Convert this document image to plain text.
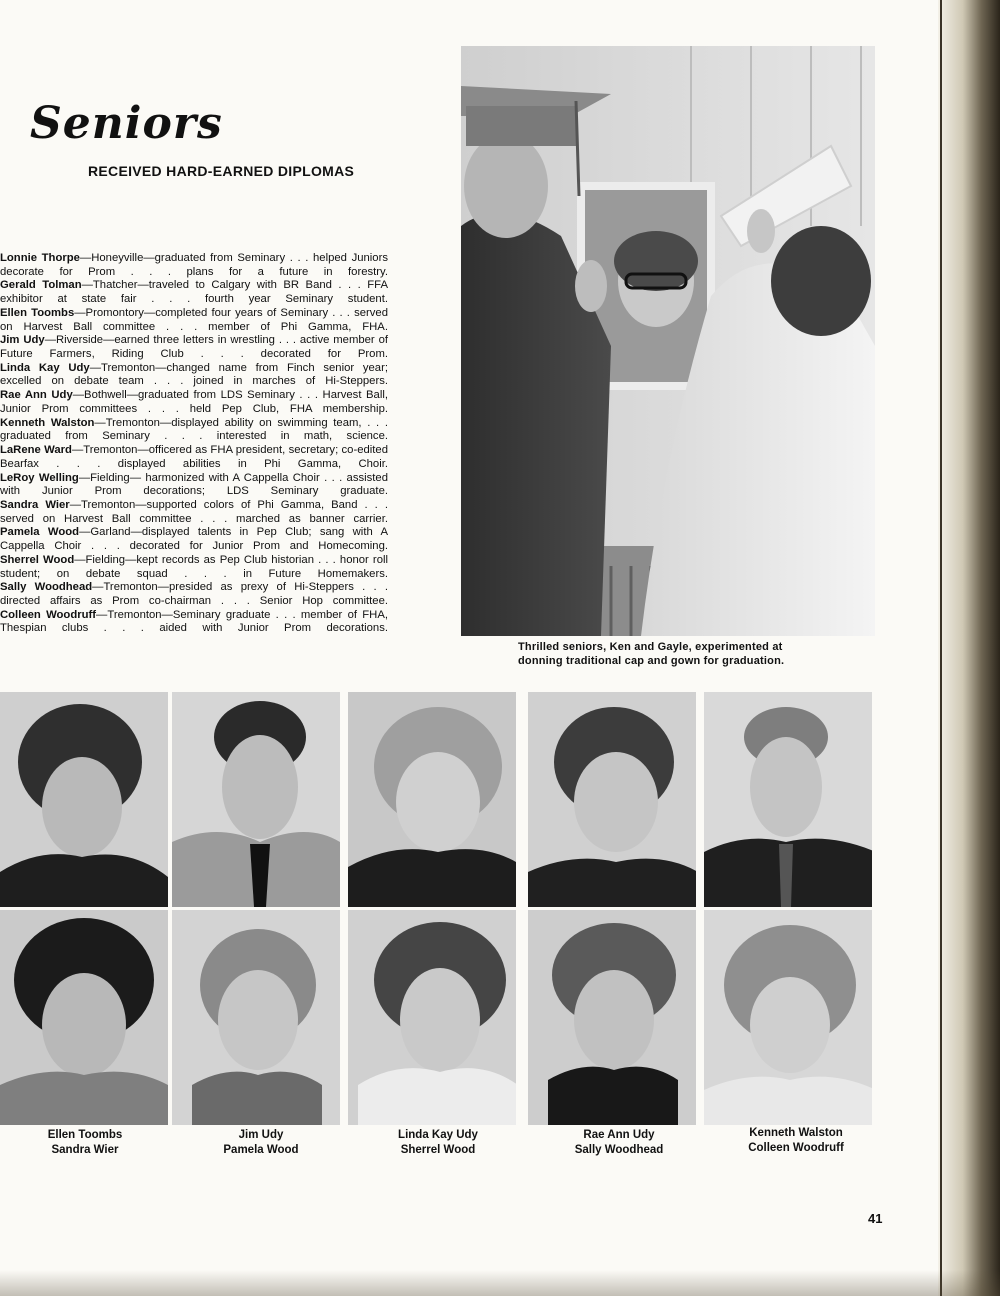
Seniors
RECEIVED HARD-EARNED DIPLOMAS

Lonnie Thorpe—Honeyville—graduated from Seminary . . . helped Juniors decorate for Prom . . . plans for a future in forestry.

Gerald Tolman—Thatcher—traveled to Calgary with BR Band . . . FFA exhibitor at state fair . . . fourth year Seminary student.

Ellen Toombs—Promontory—completed four years of Seminary . . . served on Harvest Ball committee . . . member of Phi Gamma, FHA.

Jim Udy—Riverside—earned three letters in wrestling . . . active member of Future Farmers, Riding Club . . . decorated for Prom.

Linda Kay Udy—Tremonton—changed name from Finch senior year; excelled on debate team . . . joined in marches of Hi-Steppers.

Rae Ann Udy—Bothwell—graduated from LDS Seminary . . . Harvest Ball, Junior Prom committees . . . held Pep Club, FHA membership.

Kenneth Walston—Tremonton—displayed ability on swimming team, . . . graduated from Seminary . . . interested in math, science.

LaRene Ward—Tremonton—officered as FHA president, secretary; co-edited Bearfax . . . displayed abilities in Phi Gamma, Choir.

LeRoy Welling—Fielding— harmonized with A Cappella Choir . . . assisted with Junior Prom decorations; LDS Seminary graduate.

Sandra Wier—Tremonton—supported colors of Phi Gamma, Band . . . served on Harvest Ball committee . . . marched as banner carrier.

Pamela Wood—Garland—displayed talents in Pep Club; sang with A Cappella Choir . . . decorated for Junior Prom and Homecoming.

Sherrel Wood—Fielding—kept records as Pep Club historian . . . honor roll student; on debate squad . . . in Future Homemakers.

Sally Woodhead—Tremonton—presided as prexy of Hi-Steppers . . . directed affairs as Prom co-chairman . . . Senior Hop committee.

Colleen Woodruff—Tremonton—Seminary graduate . . . member of FHA, Thespian clubs . . . aided with Junior Prom decorations.

Thrilled seniors, Ken and Gayle, experimented at donning traditional cap and gown for graduation.
Ellen Toombs
Sandra Wier
Jim Udy
Pamela Wood
Linda Kay Udy
Sherrel Wood
Rae Ann Udy
Sally Woodhead
Kenneth Walston
Colleen Woodruff
41
